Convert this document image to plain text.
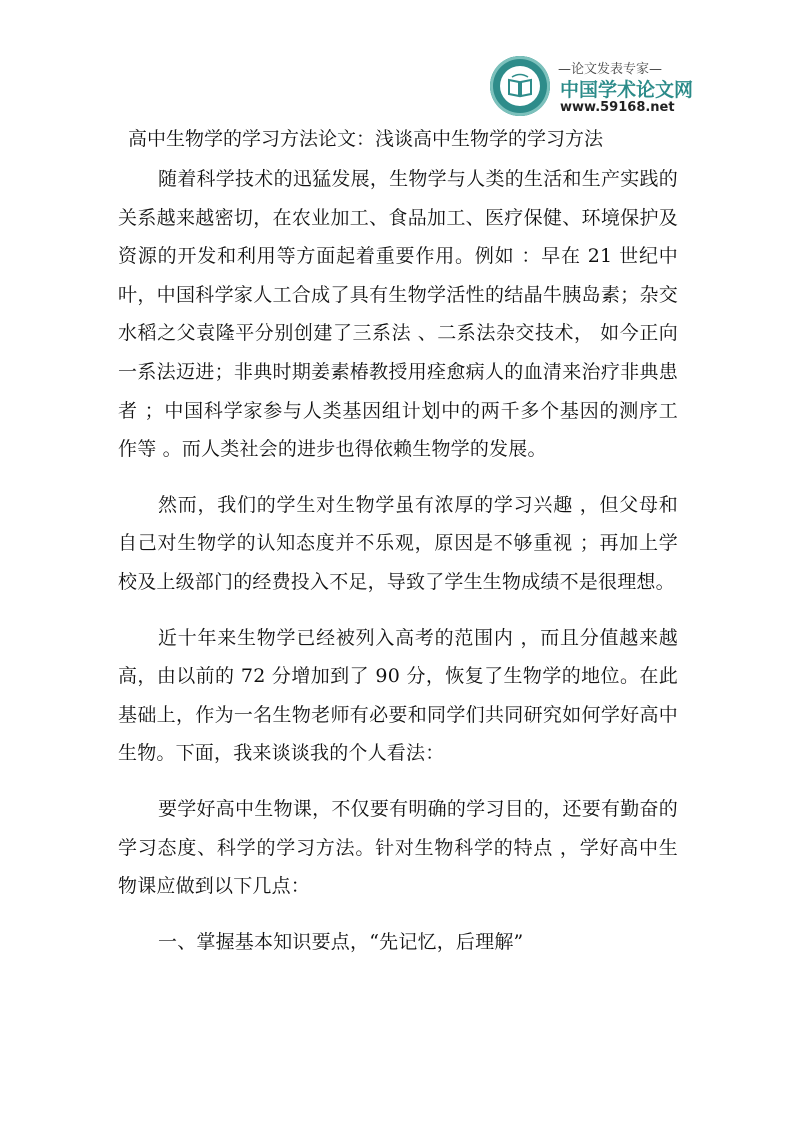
—论文发表专家—
中国学术论文网
www.59168.net
高中生物学的学习方法论文：浅谈高中生物学的学习方法

随着科学技术的迅猛发展，生物学与人类的生活和生产实践的关系越来越密切，在农业加工、食品加工、医疗保健、环境保护及资源的开发和利用等方面起着重要作用。例如 ：早在 21 世纪中叶，中国科学家人工合成了具有生物学活性的结晶牛胰岛素；杂交水稻之父袁隆平分别创建了三系法 、二系法杂交技术， 如今正向一系法迈进；非典时期姜素椿教授用痊愈病人的血清来治疗非典患者 ；中国科学家参与人类基因组计划中的两千多个基因的测序工作等 。而人类社会的进步也得依赖生物学的发展。

然而，我们的学生对生物学虽有浓厚的学习兴趣 ，但父母和自己对生物学的认知态度并不乐观，原因是不够重视 ；再加上学校及上级部门的经费投入不足，导致了学生生物成绩不是很理想。

近十年来生物学已经被列入高考的范围内 ，而且分值越来越高，由以前的 72 分增加到了 90 分，恢复了生物学的地位。在此基础上，作为一名生物老师有必要和同学们共同研究如何学好高中生物。下面，我来谈谈我的个人看法：

要学好高中生物课，不仅要有明确的学习目的，还要有勤奋的学习态度、科学的学习方法。针对生物科学的特点 ，学好高中生物课应做到以下几点：

一、掌握基本知识要点，“先记忆，后理解”
